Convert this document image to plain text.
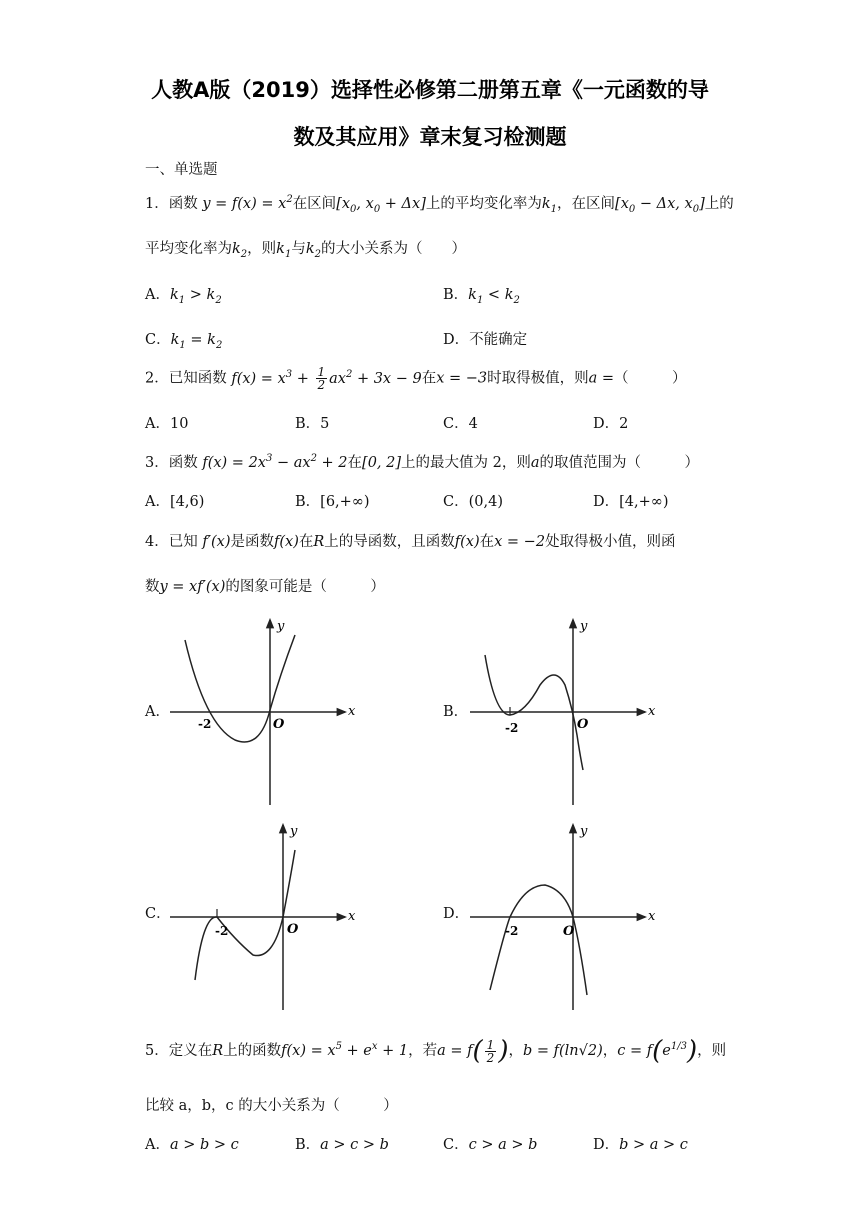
人教A版（2019）选择性必修第二册第五章《一元函数的导
数及其应用》章末复习检测题
一、单选题
1．函数 $y = f(x) = x^2$在区间[$x_0$, $x_0 + \Delta x$]上的平均变化率为$k_1$，在区间[$x_0 - \Delta x$, $x_0$]上的
平均变化率为$k_2$，则$k_1$与$k_2$的大小关系为（　　）
A．$k_1 > k_2$	B．$k_1 < k_2$
C．$k_1 = k_2$	D．不能确定
2．已知函数 $f(x) = x^3 + \frac{1}{2} ax^2 + 3x - 9$在x = −3时取得极值，则a =（　　　）
A．10	B．5	C．4	D．2
3．函数 $f(x) = 2x^3 - ax^2 + 2$在[0, 2]上的最大值为 2，则a的取值范围为（　　　）
A．[4,6)	B．[6,+∞)	C．(0,4)	D．[4,+∞)
4．已知 f′(x)是函数f(x)在R上的导函数，且函数f(x)在x = −2处取得极小值，则函
数y = xf′(x)的图象可能是（　　　）
A．	B．
C．	D．
x
y
O
-2
x
y
O
-2
x
y
O
-2
x
y
O
-2
5．定义在R上的函数$f(x) = x^5 + e^x + 1$，若$a = f( \frac{1}{2}$ )，b = f(ln√2)，$c = f(e^{1/3})$，则
比较 a，b，c 的大小关系为（　　　）
A．a > b > c	B．a > c > b	C．c > a > b	D．b > a > c
